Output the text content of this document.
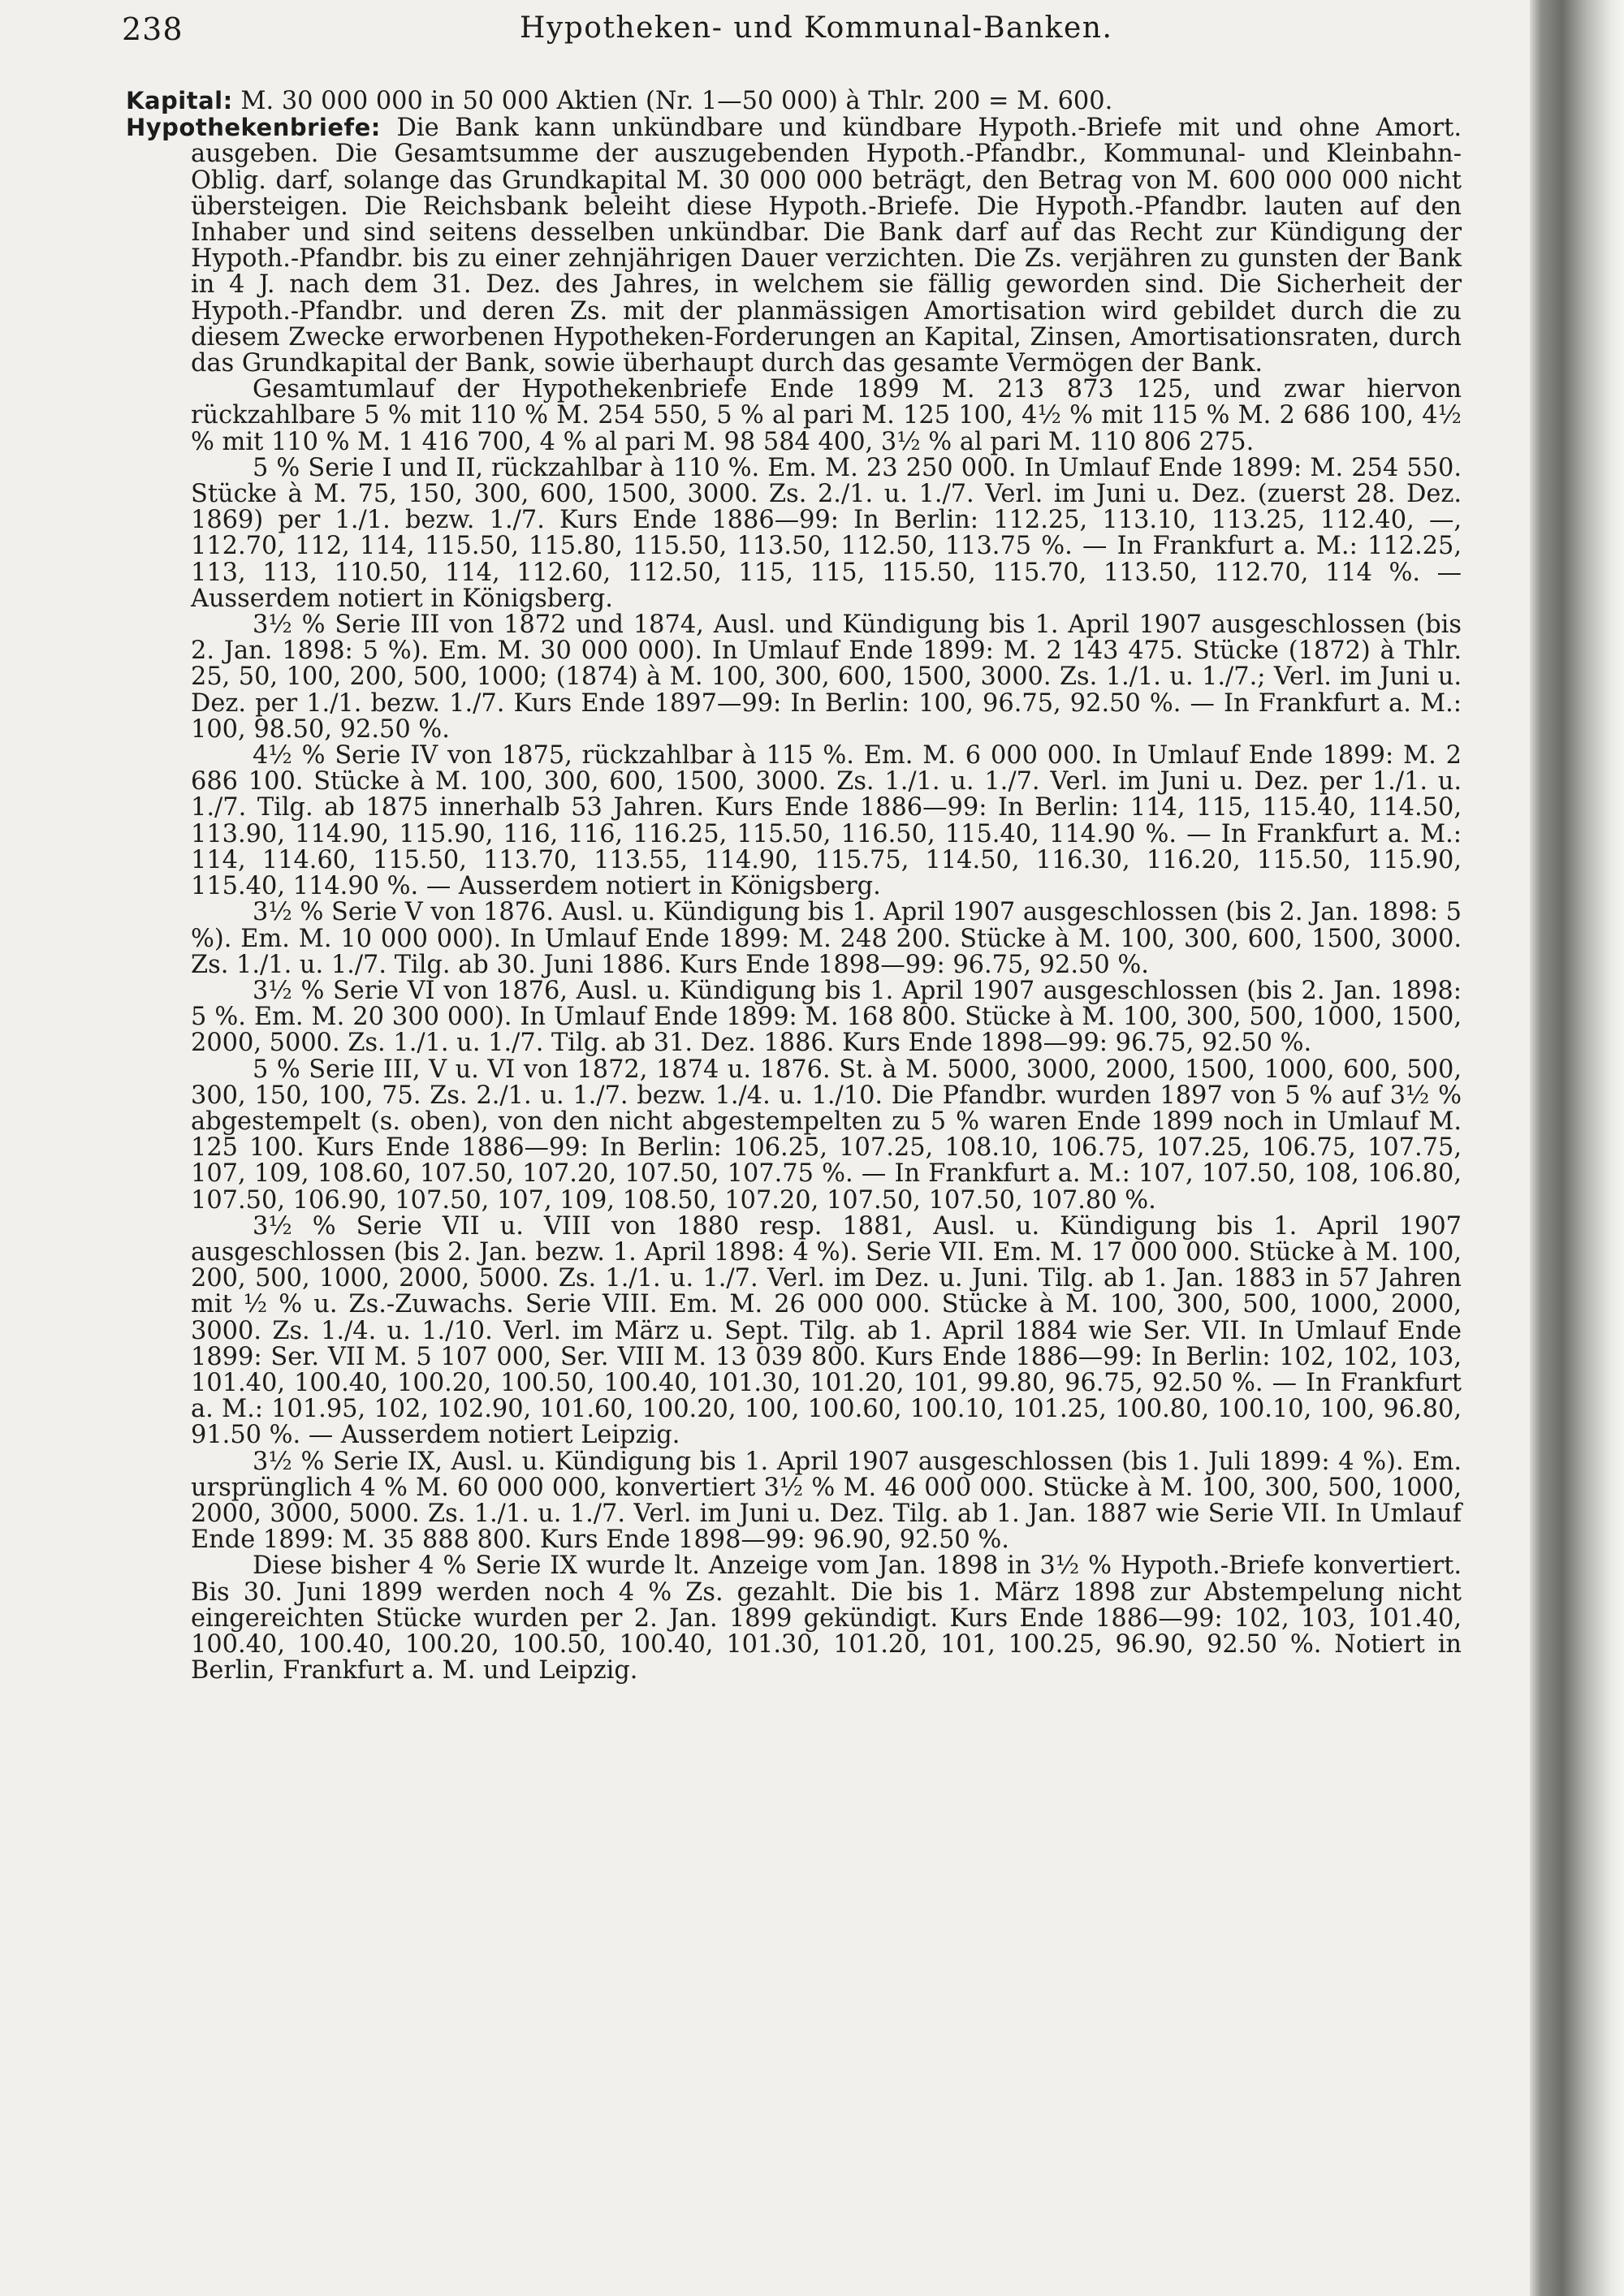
238	Hypotheken- und Kommunal-Banken.

Kapital: M. 30 000 000 in 50 000 Aktien (Nr. 1—50 000) à Thlr. 200 = M. 600.

Hypothekenbriefe: Die Bank kann unkündbare und kündbare Hypoth.-Briefe mit und ohne Amort. ausgeben. Die Gesamtsumme der auszugebenden Hypoth.-Pfandbr., Kommunal- und Kleinbahn-Oblig. darf, solange das Grundkapital M. 30 000 000 beträgt, den Betrag von M. 600 000 000 nicht übersteigen. Die Reichsbank beleiht diese Hypoth.-Briefe. Die Hypoth.-Pfandbr. lauten auf den Inhaber und sind seitens desselben unkündbar. Die Bank darf auf das Recht zur Kündigung der Hypoth.-Pfandbr. bis zu einer zehnjährigen Dauer verzichten. Die Zs. verjähren zu gunsten der Bank in 4 J. nach dem 31. Dez. des Jahres, in welchem sie fällig geworden sind. Die Sicherheit der Hypoth.-Pfandbr. und deren Zs. mit der planmässigen Amortisation wird gebildet durch die zu diesem Zwecke erworbenen Hypotheken-Forderungen an Kapital, Zinsen, Amortisationsraten, durch das Grundkapital der Bank, sowie überhaupt durch das gesamte Vermögen der Bank.

Gesamtumlauf der Hypothekenbriefe Ende 1899 M. 213 873 125, und zwar hiervon rückzahlbare 5 % mit 110 % M. 254 550, 5 % al pari M. 125 100, 4½ % mit 115 % M. 2 686 100, 4½ % mit 110 % M. 1 416 700, 4 % al pari M. 98 584 400, 3½ % al pari M. 110 806 275.

5 % Serie I und II, rückzahlbar à 110 %. Em. M. 23 250 000. In Umlauf Ende 1899: M. 254 550. Stücke à M. 75, 150, 300, 600, 1500, 3000. Zs. 2./1. u. 1./7. Verl. im Juni u. Dez. (zuerst 28. Dez. 1869) per 1./1. bezw. 1./7. Kurs Ende 1886—99: In Berlin: 112.25, 113.10, 113.25, 112.40, —, 112.70, 112, 114, 115.50, 115.80, 115.50, 113.50, 112.50, 113.75 %. — In Frankfurt a. M.: 112.25, 113, 113, 110.50, 114, 112.60, 112.50, 115, 115, 115.50, 115.70, 113.50, 112.70, 114 %. — Ausserdem notiert in Königsberg.

3½ % Serie III von 1872 und 1874, Ausl. und Kündigung bis 1. April 1907 ausgeschlossen (bis 2. Jan. 1898: 5 %). Em. M. 30 000 000). In Umlauf Ende 1899: M. 2 143 475. Stücke (1872) à Thlr. 25, 50, 100, 200, 500, 1000; (1874) à M. 100, 300, 600, 1500, 3000. Zs. 1./1. u. 1./7.; Verl. im Juni u. Dez. per 1./1. bezw. 1./7. Kurs Ende 1897—99: In Berlin: 100, 96.75, 92.50 %. — In Frankfurt a. M.: 100, 98.50, 92.50 %.

4½ % Serie IV von 1875, rückzahlbar à 115 %. Em. M. 6 000 000. In Umlauf Ende 1899: M. 2 686 100. Stücke à M. 100, 300, 600, 1500, 3000. Zs. 1./1. u. 1./7. Verl. im Juni u. Dez. per 1./1. u. 1./7. Tilg. ab 1875 innerhalb 53 Jahren. Kurs Ende 1886—99: In Berlin: 114, 115, 115.40, 114.50, 113.90, 114.90, 115.90, 116, 116, 116.25, 115.50, 116.50, 115.40, 114.90 %. — In Frankfurt a. M.: 114, 114.60, 115.50, 113.70, 113.55, 114.90, 115.75, 114.50, 116.30, 116.20, 115.50, 115.90, 115.40, 114.90 %. — Ausserdem notiert in Königsberg.

3½ % Serie V von 1876. Ausl. u. Kündigung bis 1. April 1907 ausgeschlossen (bis 2. Jan. 1898: 5 %). Em. M. 10 000 000). In Umlauf Ende 1899: M. 248 200. Stücke à M. 100, 300, 600, 1500, 3000. Zs. 1./1. u. 1./7. Tilg. ab 30. Juni 1886. Kurs Ende 1898—99: 96.75, 92.50 %.

3½ % Serie VI von 1876, Ausl. u. Kündigung bis 1. April 1907 ausgeschlossen (bis 2. Jan. 1898: 5 %. Em. M. 20 300 000). In Umlauf Ende 1899: M. 168 800. Stücke à M. 100, 300, 500, 1000, 1500, 2000, 5000. Zs. 1./1. u. 1./7. Tilg. ab 31. Dez. 1886. Kurs Ende 1898—99: 96.75, 92.50 %.

5 % Serie III, V u. VI von 1872, 1874 u. 1876. St. à M. 5000, 3000, 2000, 1500, 1000, 600, 500, 300, 150, 100, 75. Zs. 2./1. u. 1./7. bezw. 1./4. u. 1./10. Die Pfandbr. wurden 1897 von 5 % auf 3½ % abgestempelt (s. oben), von den nicht abgestempelten zu 5 % waren Ende 1899 noch in Umlauf M. 125 100. Kurs Ende 1886—99: In Berlin: 106.25, 107.25, 108.10, 106.75, 107.25, 106.75, 107.75, 107, 109, 108.60, 107.50, 107.20, 107.50, 107.75 %. — In Frankfurt a. M.: 107, 107.50, 108, 106.80, 107.50, 106.90, 107.50, 107, 109, 108.50, 107.20, 107.50, 107.50, 107.80 %.

3½ % Serie VII u. VIII von 1880 resp. 1881, Ausl. u. Kündigung bis 1. April 1907 ausgeschlossen (bis 2. Jan. bezw. 1. April 1898: 4 %). Serie VII. Em. M. 17 000 000. Stücke à M. 100, 200, 500, 1000, 2000, 5000. Zs. 1./1. u. 1./7. Verl. im Dez. u. Juni. Tilg. ab 1. Jan. 1883 in 57 Jahren mit ½ % u. Zs.-Zuwachs. Serie VIII. Em. M. 26 000 000. Stücke à M. 100, 300, 500, 1000, 2000, 3000. Zs. 1./4. u. 1./10. Verl. im März u. Sept. Tilg. ab 1. April 1884 wie Ser. VII. In Umlauf Ende 1899: Ser. VII M. 5 107 000, Ser. VIII M. 13 039 800. Kurs Ende 1886—99: In Berlin: 102, 102, 103, 101.40, 100.40, 100.20, 100.50, 100.40, 101.30, 101.20, 101, 99.80, 96.75, 92.50 %. — In Frankfurt a. M.: 101.95, 102, 102.90, 101.60, 100.20, 100, 100.60, 100.10, 101.25, 100.80, 100.10, 100, 96.80, 91.50 %. — Ausserdem notiert Leipzig.

3½ % Serie IX, Ausl. u. Kündigung bis 1. April 1907 ausgeschlossen (bis 1. Juli 1899: 4 %). Em. ursprünglich 4 % M. 60 000 000, konvertiert 3½ % M. 46 000 000. Stücke à M. 100, 300, 500, 1000, 2000, 3000, 5000. Zs. 1./1. u. 1./7. Verl. im Juni u. Dez. Tilg. ab 1. Jan. 1887 wie Serie VII. In Umlauf Ende 1899: M. 35 888 800. Kurs Ende 1898—99: 96.90, 92.50 %.

Diese bisher 4 % Serie IX wurde lt. Anzeige vom Jan. 1898 in 3½ % Hypoth.-Briefe konvertiert. Bis 30. Juni 1899 werden noch 4 % Zs. gezahlt. Die bis 1. März 1898 zur Abstempelung nicht eingereichten Stücke wurden per 2. Jan. 1899 gekündigt. Kurs Ende 1886—99: 102, 103, 101.40, 100.40, 100.40, 100.20, 100.50, 100.40, 101.30, 101.20, 101, 100.25, 96.90, 92.50 %. Notiert in Berlin, Frankfurt a. M. und Leipzig.
